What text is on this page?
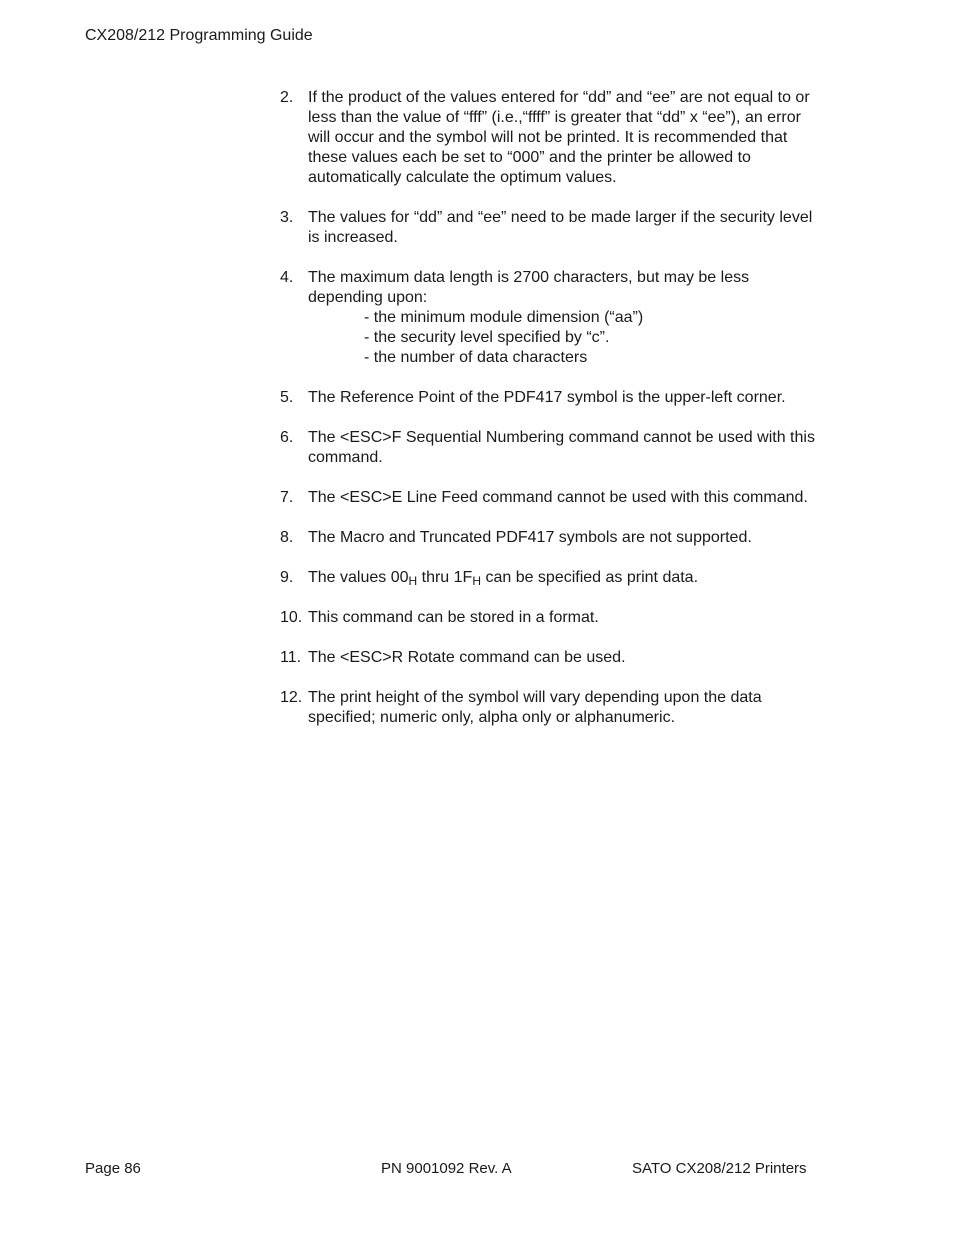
CX208/212 Programming Guide
2. If the product of the values entered for “dd” and “ee” are not equal to or less than the value of “fff” (i.e.,“ffff” is greater that “dd” x “ee”), an error will occur and the symbol will not be printed. It is recommended that these values each be set to “000” and the printer be allowed to automatically calculate the optimum values.
3. The values for “dd” and “ee” need to be made larger if the security level is increased.
4. The maximum data length is 2700 characters, but may be less depending upon:
- the minimum module dimension (“aa”)
- the security level specified by “c”.
- the number of data characters
5. The Reference Point of the PDF417 symbol is the upper-left corner.
6. The <ESC>F Sequential Numbering command cannot be used with this command.
7. The <ESC>E Line Feed command cannot be used with this command.
8. The Macro and Truncated PDF417 symbols are not supported.
9. The values 00H thru 1FH can be specified as print data.
10. This command can be stored in a format.
11. The <ESC>R Rotate command can be used.
12. The print height of the symbol will vary depending upon the data specified; numeric only, alpha only or alphanumeric.
Page 86	PN 9001092 Rev. A	SATO CX208/212 Printers
